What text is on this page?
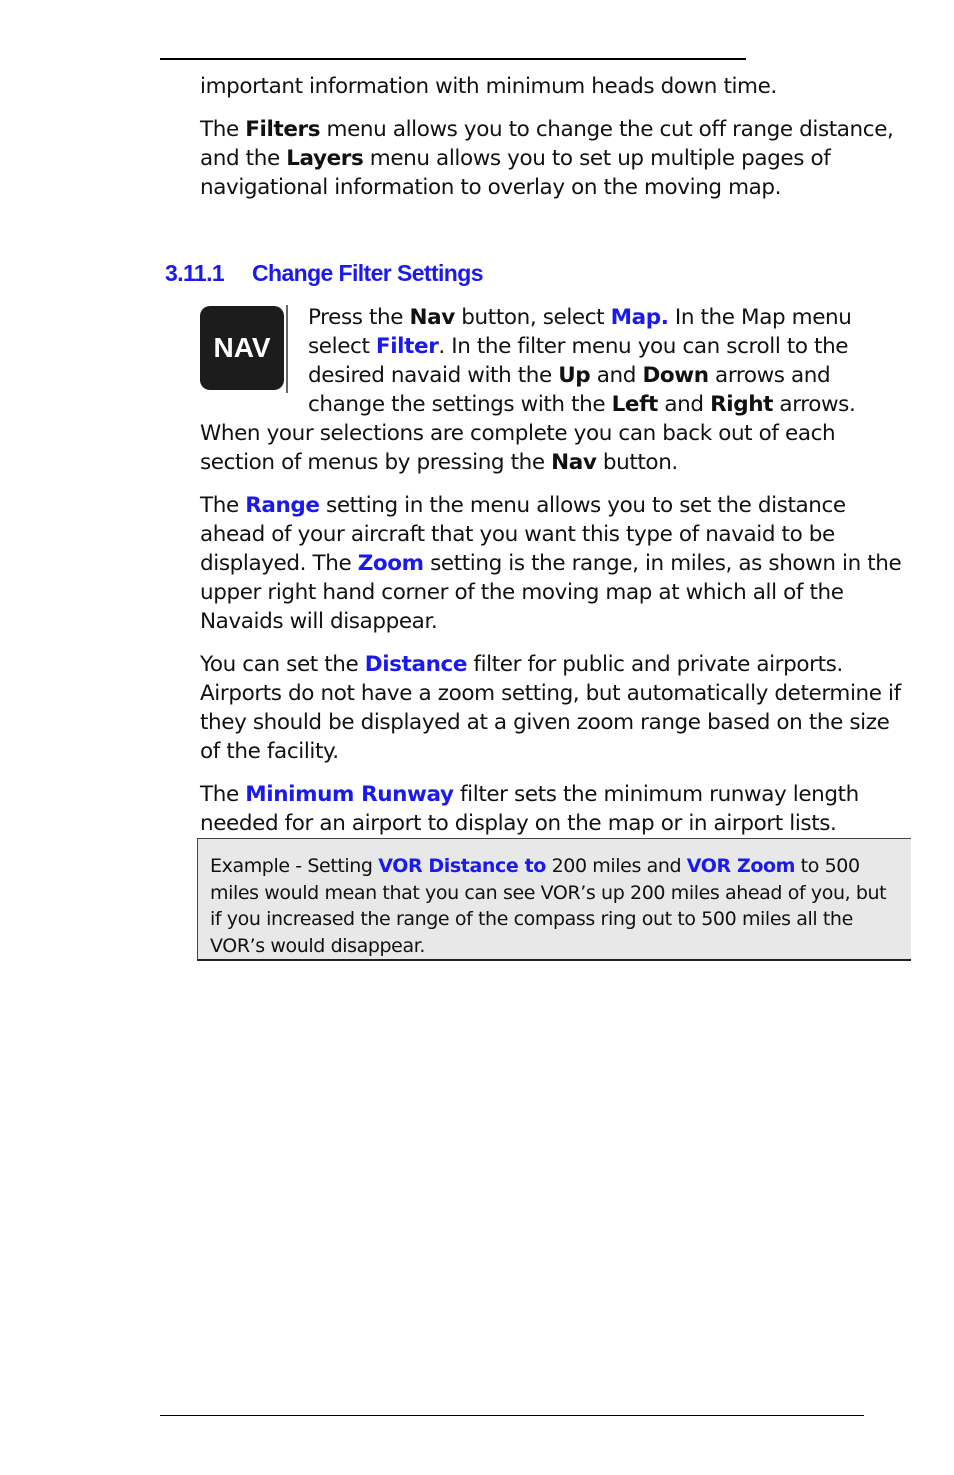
important information with minimum heads down time.

The Filters menu allows you to change the cut off range distance, and the Layers menu allows you to set up multiple pages of navigational information to overlay on the moving map.

3.11.1 Change Filter Settings

NAV
Press the Nav button, select Map. In the Map menu select Filter. In the filter menu you can scroll to the desired navaid with the Up and Down arrows and change the settings with the Left and Right arrows. When your selections are complete you can back out of each section of menus by pressing the Nav button.

The Range setting in the menu allows you to set the distance ahead of your aircraft that you want this type of navaid to be displayed. The Zoom setting is the range, in miles, as shown in the upper right hand corner of the moving map at which all of the Navaids will disappear.

You can set the Distance filter for public and private airports. Airports do not have a zoom setting, but automatically determine if they should be displayed at a given zoom range based on the size of the facility.

The Minimum Runway filter sets the minimum runway length needed for an airport to display on the map or in airport lists.

Example - Setting VOR Distance to 200 miles and VOR Zoom to 500 miles would mean that you can see VOR’s up 200 miles ahead of you, but if you increased the range of the compass ring out to 500 miles all the VOR’s would disappear.
